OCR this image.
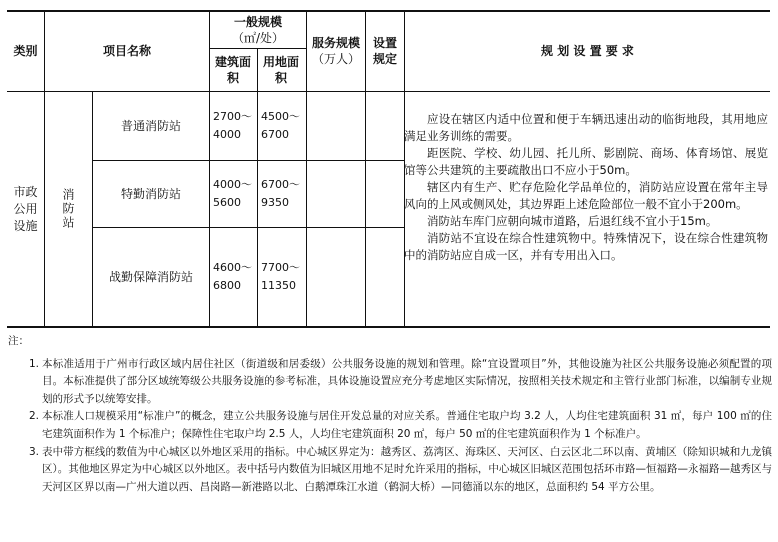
类别	项目名称
一般规模
（㎡/处）
建筑面积
用地面积
服务规模
（万人）
设置规定
规 划 设 置 要 求
市政公用设施	消防站
普通消防站
2700～4000
4500～6700
特勤消防站
4000～5600
6700～9350
战勤保障消防站
4600～6800
7700～11350

应设在辖区内适中位置和便于车辆迅速出动的临街地段，其用地应满足业务训练的需要。

距医院、学校、幼儿园、托儿所、影剧院、商场、体育场馆、展览馆等公共建筑的主要疏散出口不应小于50m。

辖区内有生产、贮存危险化学品单位的，消防站应设置在常年主导风向的上风或侧风处，其边界距上述危险部位一般不宜小于200m。

消防站车库门应朝向城市道路，后退红线不宜小于15m。

消防站不宜设在综合性建筑物中。特殊情况下，设在综合性建筑物中的消防站应自成一区，并有专用出入口。

注：

1. 本标准适用于广州市行政区域内居住社区（街道级和居委级）公共服务设施的规划和管理。除“宜设置项目”外，其他设施为社区公共服务设施必须配置的项目。本标准提供了部分区域统筹级公共服务设施的参考标准，具体设施设置应充分考虑地区实际情况，按照相关技术规定和主管行业部门标准，以编制专业规划的形式予以统筹安排。
2. 本标准人口规模采用“标准户”的概念，建立公共服务设施与居住开发总量的对应关系。普通住宅取户均 3.2 人，人均住宅建筑面积 31 ㎡，每户 100 ㎡的住宅建筑面积作为 1 个标准户；保障性住宅取户均 2.5 人，人均住宅建筑面积 20 ㎡，每户 50 ㎡的住宅建筑面积作为 1 个标准户。
3. 表中带方框线的数值为中心城区以外地区采用的指标。中心城区界定为：越秀区、荔湾区、海珠区、天河区、白云区北二环以南、黄埔区（除知识城和九龙镇区）。其他地区界定为中心城区以外地区。表中括号内数值为旧城区用地不足时允许采用的指标，中心城区旧城区范围包括环市路—恒福路—永福路—越秀区与天河区区界以南—广州大道以西、昌岗路—新港路以北、白鹅潭珠江水道（鹤洞大桥）—同德涌以东的地区，总面积约 54 平方公里。
